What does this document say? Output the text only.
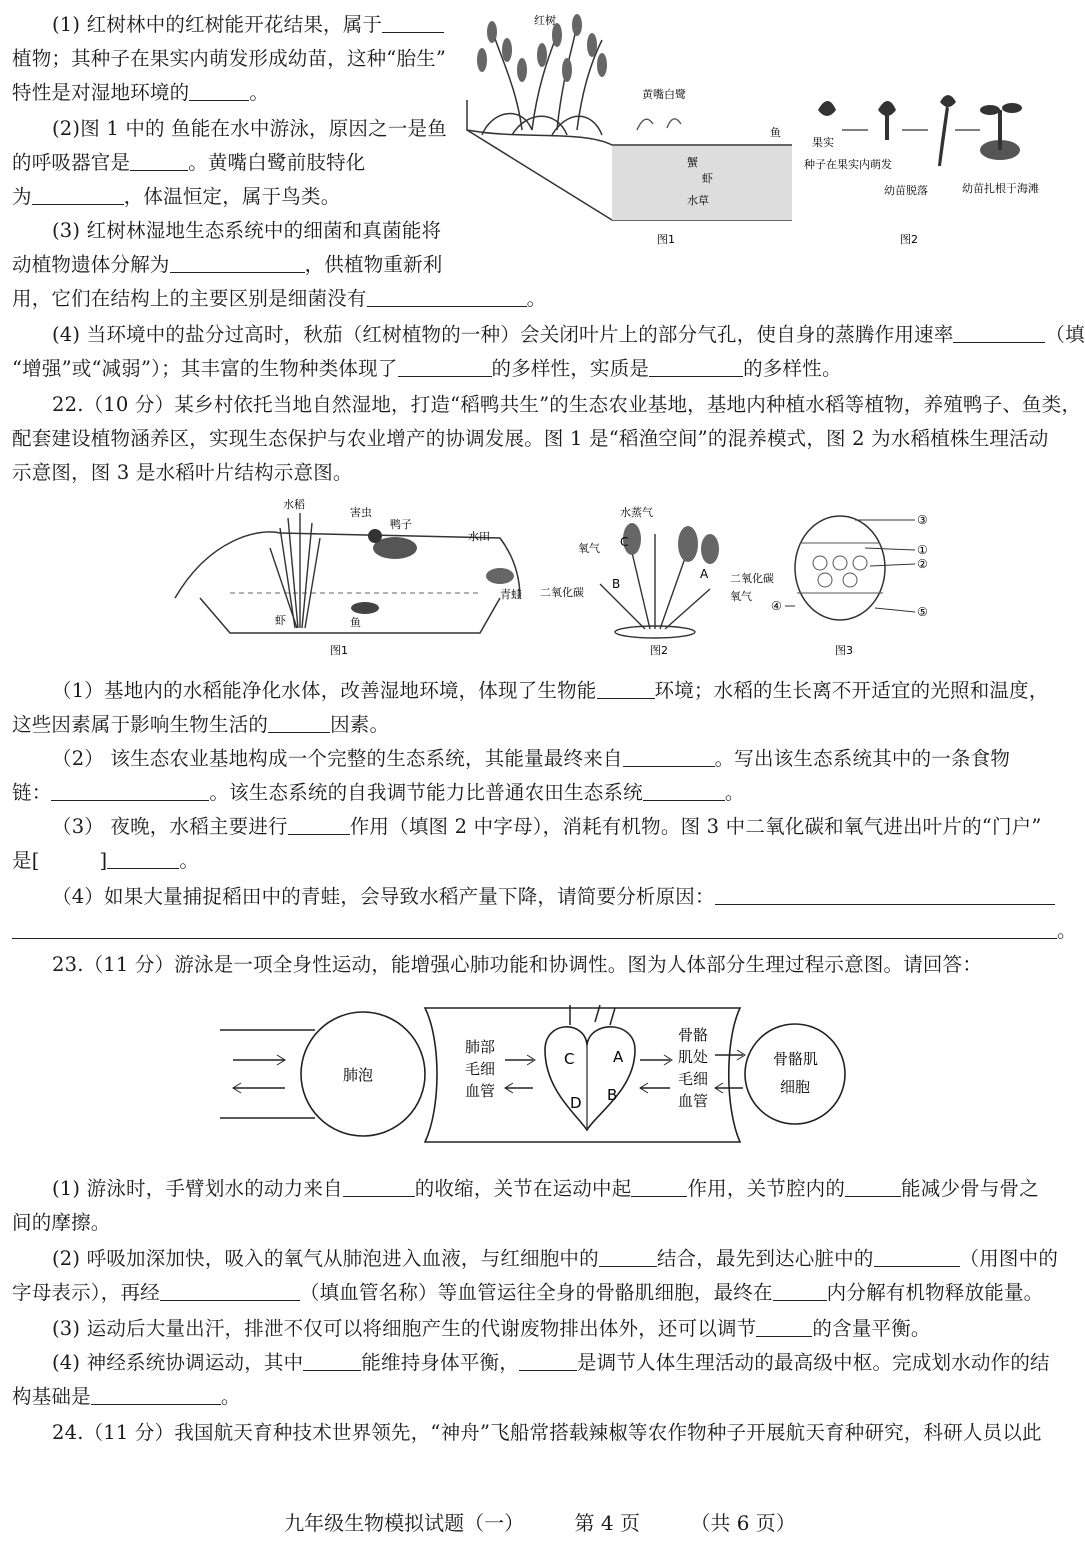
(1) 红树林中的红树能开花结果，属于
植物；其种子在果实内萌发形成幼苗，这种“胎生”
特性是对湿地环境的	。
(2)图 1 中的 鱼能在水中游泳，原因之一是鱼
的呼吸器官是	。黄嘴白鹭前肢特化
为	，体温恒定，属于鸟类。
(3) 红树林湿地生态系统中的细菌和真菌能将
动植物遗体分解为	，供植物重新利
用，它们在结构上的主要区别是细菌没有	。
(4) 当环境中的盐分过高时，秋茄（红树植物的一种）会关闭叶片上的部分气孔，使自身的蒸腾作用速率	（填
“增强”或“减弱”）；其丰富的生物种类体现了	的多样性，实质是	的多样性。
红树
黄嘴白鹭
鱼
蟹
虾
水草
图1
果实
种子在果实内萌发
幼苗脱落	幼苗扎根于海滩
图2
22.（10 分）某乡村依托当地自然湿地，打造“稻鸭共生”的生态农业基地，基地内种植水稻等植物，养殖鸭子、鱼类，
配套建设植物涵养区，实现生态保护与农业增产的协调发展。图 1 是“稻渔空间”的混养模式，图 2 为水稻植株生理活动
示意图，图 3 是水稻叶片结构示意图。
水稻
害虫
鸭子
水田
青蛙
虾	鱼
图1
水蒸气
氧气 C
B
二氧化碳
A 二氧化碳
氧气
图2
③
①
②
④	⑤
图3
（1）基地内的水稻能净化水体，改善湿地环境，体现了生物能	环境；水稻的生长离不开适宜的光照和温度，
这些因素属于影响生物生活的	因素。
（2） 该生态农业基地构成一个完整的生态系统，其能量最终来自	。写出该生态系统其中的一条食物
链：	。该生态系统的自我调节能力比普通农田生态系统	。
（3） 夜晚，水稻主要进行	作用（填图 2 中字母），消耗有机物。图 3 中二氧化碳和氧气进出叶片的“门户”
是[	]	。
（4）如果大量捕捉稻田中的青蛙，会导致水稻产量下降，请简要分析原因：
。
23.（11 分）游泳是一项全身性运动，能增强心肺功能和协调性。图为人体部分生理过程示意图。请回答：
肺泡
肺部
毛细
血管
C	A
D B
骨骼
肌处
毛细
血管
骨骼肌
细胞
(1) 游泳时，手臂划水的动力来自	的收缩，关节在运动中起	作用，关节腔内的	能减少骨与骨之
间的摩擦。
(2) 呼吸加深加快，吸入的氧气从肺泡进入血液，与红细胞中的	结合，最先到达心脏中的	（用图中的
字母表示），再经	（填血管名称）等血管运往全身的骨骼肌细胞，最终在	内分解有机物释放能量。
(3) 运动后大量出汗，排泄不仅可以将细胞产生的代谢废物排出体外，还可以调节	的含量平衡。
(4) 神经系统协调运动，其中	能维持身体平衡，	是调节人体生理活动的最高级中枢。完成划水动作的结
构基础是	。
24.（11 分）我国航天育种技术世界领先，“神舟”飞船常搭载辣椒等农作物种子开展航天育种研究，科研人员以此
九年级生物模拟试题（一）	第 4 页	（共 6 页）
